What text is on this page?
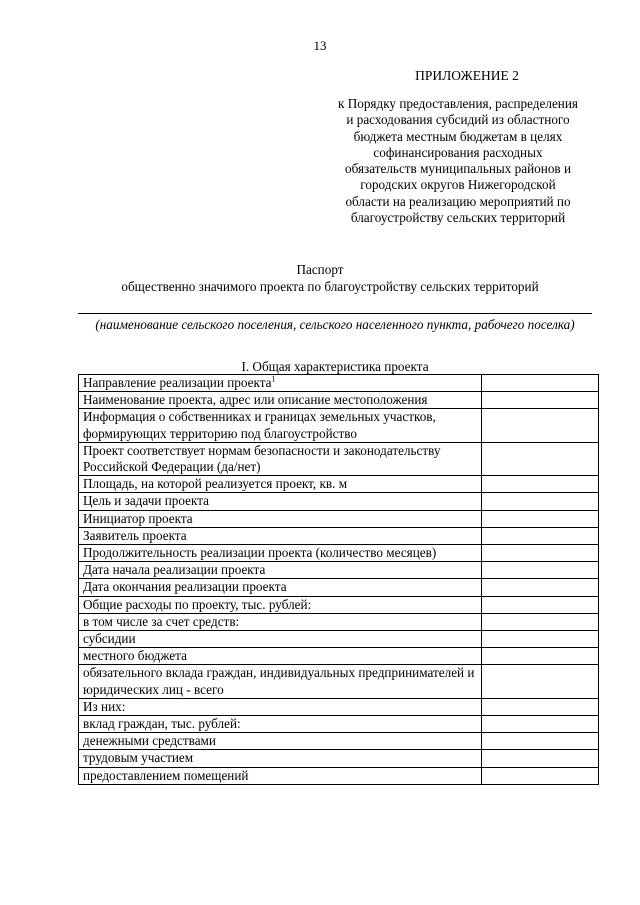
13
ПРИЛОЖЕНИЕ 2

к Порядку предоставления, распределения
и расходования субсидий из областного
бюджета местным бюджетам в целях
софинансирования расходных
обязательств муниципальных районов и
городских округов Нижегородской
области на реализацию мероприятий по
благоустройству сельских территорий

Паспорт
общественно значимого проекта по благоустройству сельских территорий
(наименование сельского поселения, сельского населенного пункта, рабочего поселка)
I. Общая характеристика проекта
Направление реализации проекта$^1$	
Наименование проекта, адрес или описание местоположения	
Информация о собственниках и границах земельных участков, формирующих территорию под благоустройство	
Проект соответствует нормам безопасности и законодательству Российской Федерации (да/нет)	
Площадь, на которой реализуется проект, кв. м	
Цель и задачи проекта	
Инициатор проекта	
Заявитель проекта	
Продолжительность реализации проекта (количество месяцев)	
Дата начала реализации проекта	
Дата окончания реализации проекта	
Общие расходы по проекту, тыс. рублей:	
в том числе за счет средств:	
субсидии	
местного бюджета	
обязательного вклада граждан, индивидуальных предпринимателей и юридических лиц - всего	
Из них:	
вклад граждан, тыс. рублей:	
денежными средствами	
трудовым участием	
предоставлением помещений	
